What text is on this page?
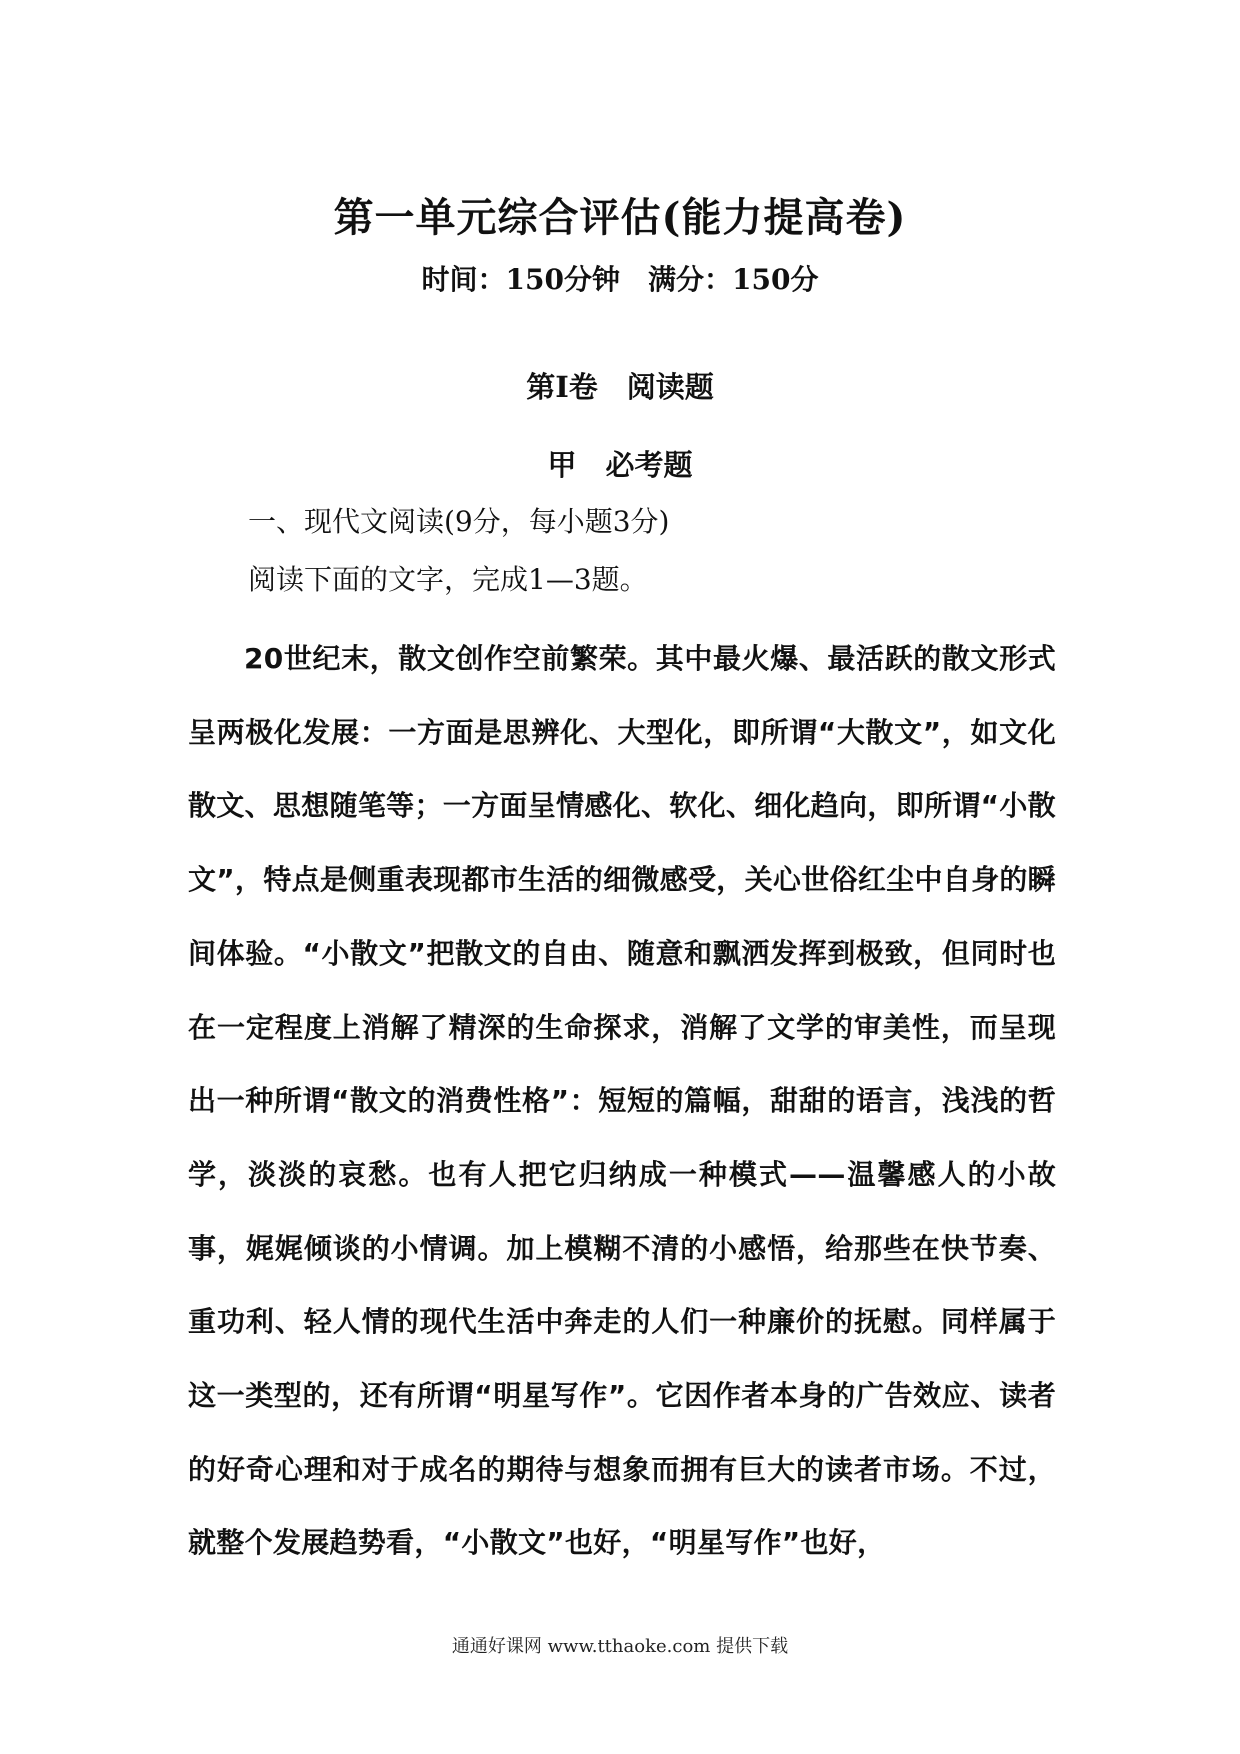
第一单元综合评估(能力提高卷)
时间：150分钟　满分：150分
第Ⅰ卷　阅读题
甲　必考题
一、现代文阅读(9分，每小题3分)
阅读下面的文字，完成1—3题。

20世纪末，散文创作空前繁荣。其中最火爆、最活跃的散文形式呈两极化发展：一方面是思辨化、大型化，即所谓“大散文”，如文化散文、思想随笔等；一方面呈情感化、软化、细化趋向，即所谓“小散文”，特点是侧重表现都市生活的细微感受，关心世俗红尘中自身的瞬间体验。“小散文”把散文的自由、随意和飘洒发挥到极致，但同时也在一定程度上消解了精深的生命探求，消解了文学的审美性，而呈现出一种所谓“散文的消费性格”：短短的篇幅，甜甜的语言，浅浅的哲学，淡淡的哀愁。也有人把它归纳成一种模式——温馨感人的小故事，娓娓倾谈的小情调。加上模糊不清的小感悟，给那些在快节奏、重功利、轻人情的现代生活中奔走的人们一种廉价的抚慰。同样属于这一类型的，还有所谓“明星写作”。它因作者本身的广告效应、读者的好奇心理和对于成名的期待与想象而拥有巨大的读者市场。不过，就整个发展趋势看，“小散文”也好，“明星写作”也好，

通通好课网 www.tthaoke.com 提供下载
